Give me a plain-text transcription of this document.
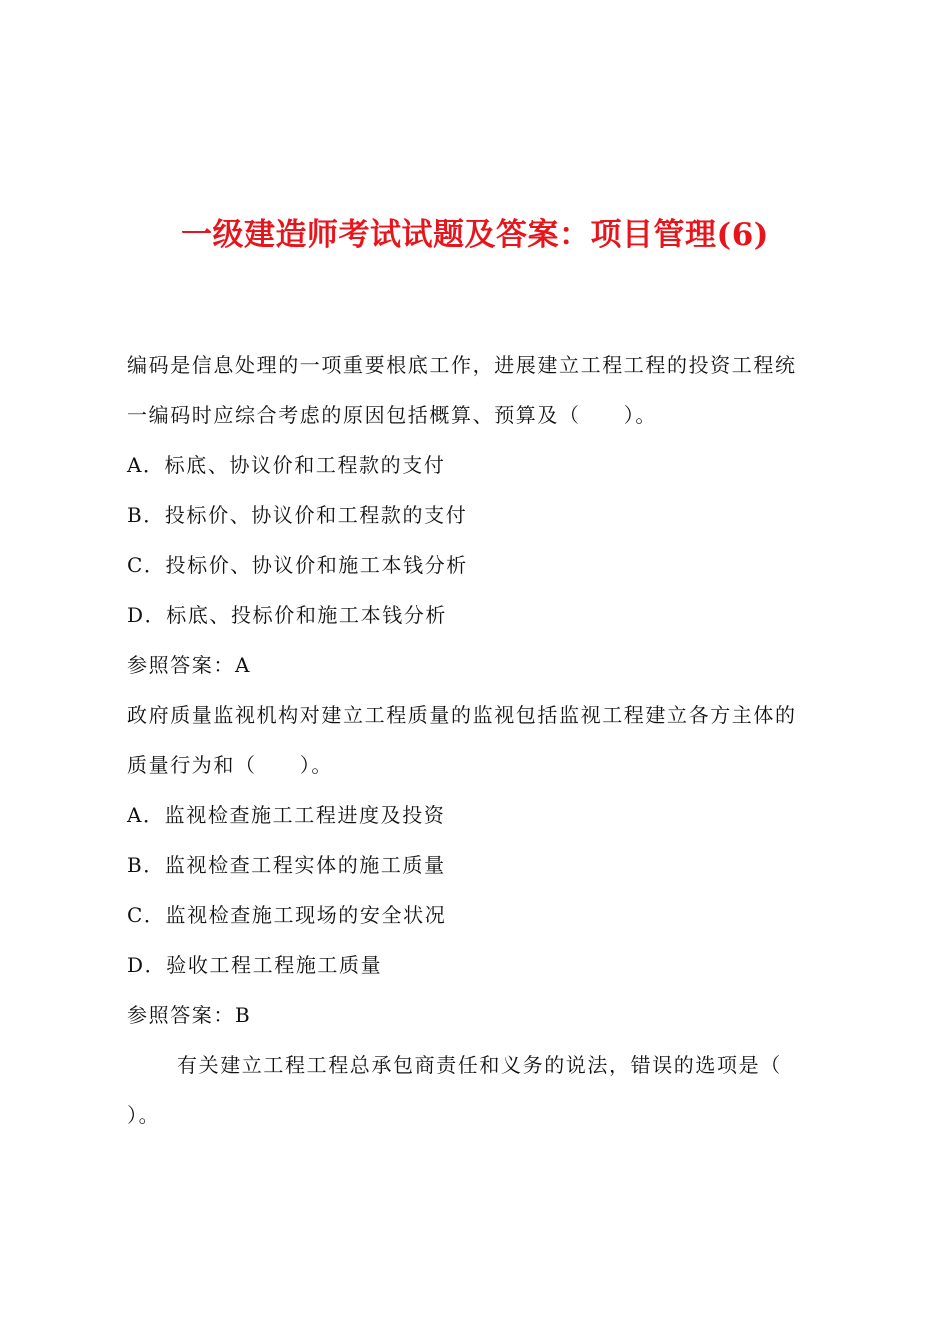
一级建造师考试试题及答案：项目管理(6)
编码是信息处理的一项重要根底工作，进展建立工程工程的投资工程统
一编码时应综合考虑的原因包括概算、预算及（　　）。
A．标底、协议价和工程款的支付
B．投标价、协议价和工程款的支付
C．投标价、协议价和施工本钱分析
D．标底、投标价和施工本钱分析
参照答案：A
政府质量监视机构对建立工程质量的监视包括监视工程建立各方主体的
质量行为和（　　）。
A．监视检查施工工程进度及投资
B．监视检查工程实体的施工质量
C．监视检查施工现场的安全状况
D．验收工程工程施工质量
参照答案：B
有关建立工程工程总承包商责任和义务的说法，错误的选项是（
）。
